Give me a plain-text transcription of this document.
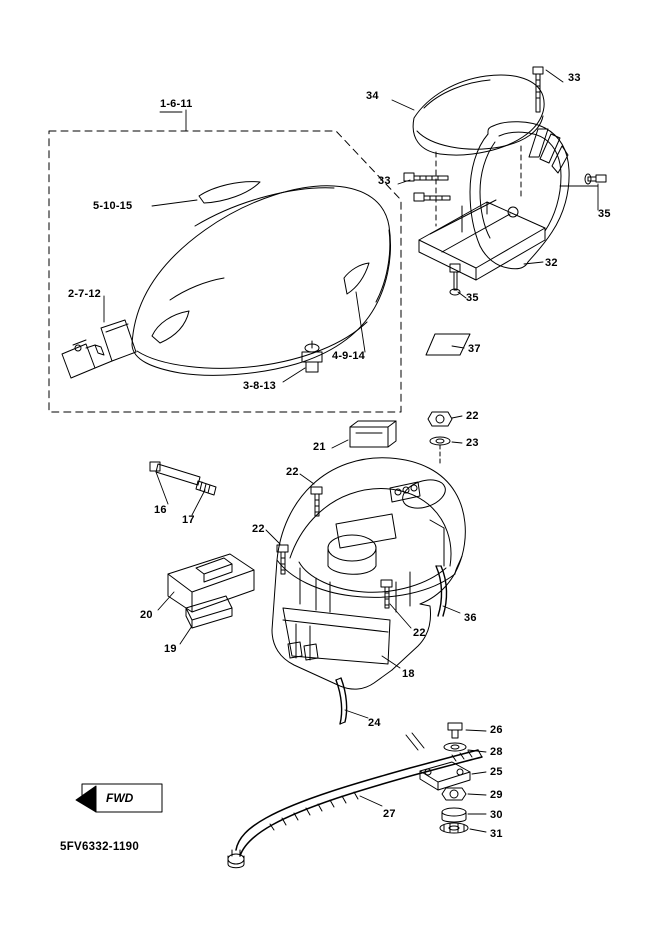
1-6-11
33
34
5-10-15
33
35
32
2-7-12	35
4-9-14
37
3-8-13
22
23
21
22
16
17
22
36
22
20
19
18
24
26
28
25
29
30
31
27
FWD
5FV6332-1190
